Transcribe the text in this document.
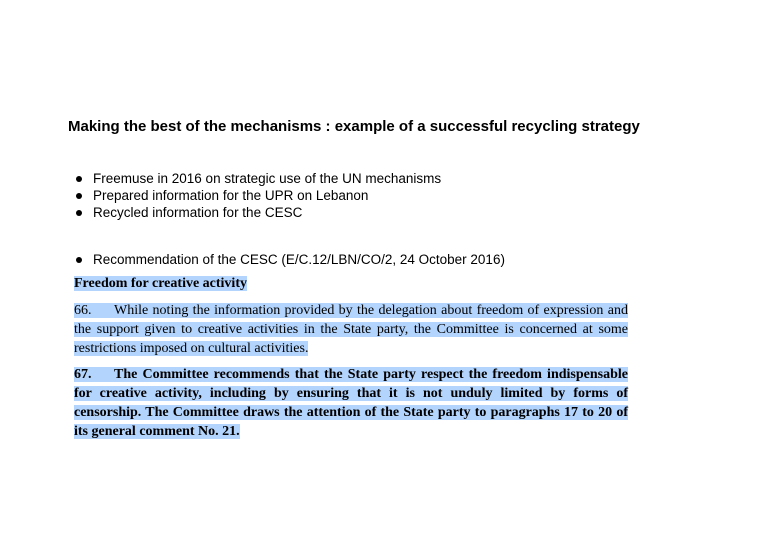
Making the best of the mechanisms : example of a successful recycling strategy
Freemuse in 2016 on strategic use of the UN mechanisms
Prepared information for the UPR on Lebanon
Recycled information for the CESC
Recommendation of the CESC (E/C.12/LBN/CO/2, 24 October 2016)
Freedom for creative activity
66. While noting the information provided by the delegation about freedom of expression and the support given to creative activities in the State party, the Committee is concerned at some restrictions imposed on cultural activities.
67. The Committee recommends that the State party respect the freedom indispensable for creative activity, including by ensuring that it is not unduly limited by forms of censorship. The Committee draws the attention of the State party to paragraphs 17 to 20 of its general comment No. 21.
